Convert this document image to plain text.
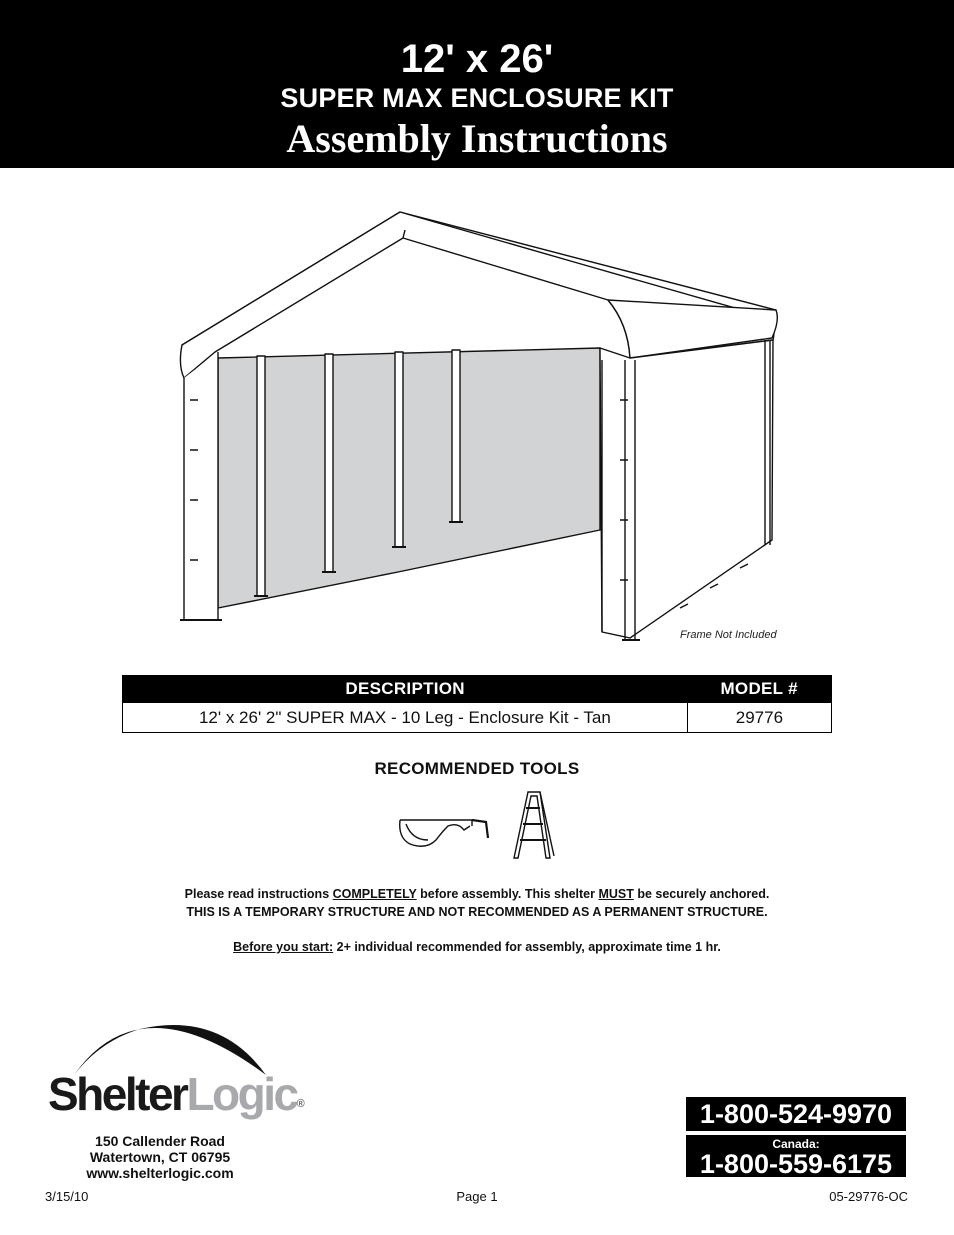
12' x 26'
SUPER MAX ENCLOSURE KIT
Assembly Instructions
Frame Not Included
DESCRIPTION	MODEL #
12' x 26' 2" SUPER MAX - 10 Leg - Enclosure Kit - Tan	29776
RECOMMENDED TOOLS
Please read instructions COMPLETELY before assembly. This shelter MUST be securely anchored.
THIS IS A TEMPORARY STRUCTURE AND NOT RECOMMENDED AS A PERMANENT STRUCTURE.
Before you start: 2+ individual recommended for assembly, approximate time 1 hr.
ShelterLogic®
150 Callender Road
Watertown, CT 06795
www.shelterlogic.com
1-800-524-9970
Canada:
1-800-559-6175
3/15/10	Page 1	05-29776-OC
